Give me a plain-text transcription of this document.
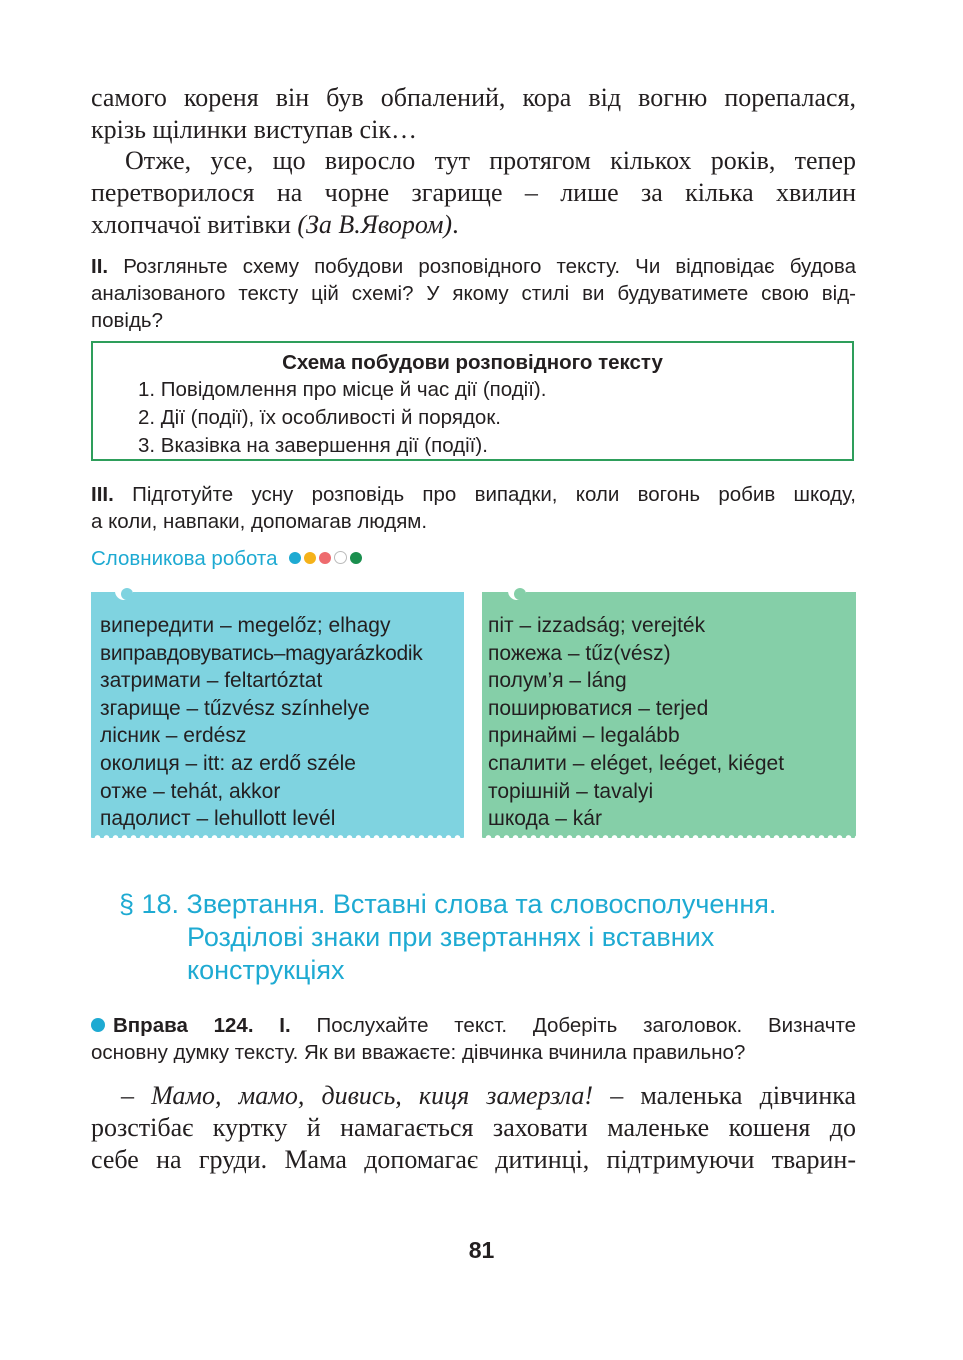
самого кореня він був обпалений, кора від вогню порепалася,
крізь щілинки виступав сік…
Отже, усе, що виросло тут протягом кількох років, тепер
перетворилося на чорне згарище – лише за кілька хвилин
хлопчачої витівки (За В.Явором).
II. Розгляньте схему побудови розповідного тексту. Чи відповідає будова
аналізованого тексту цій схемі? У якому стилі ви будуватимете свою від-
повідь?
Схема побудови розповідного тексту
1. Повідомлення про місце й час дії (події).
2. Дії (події), їх особливості й порядок.
3. Вказівка на завершення дії (події).
III. Підготуйте усну розповідь про випадки, коли вогонь робив шкоду,
а коли, навпаки, допомагав людям.
Словникова робота
випередити – megelőz; elhagy
виправдовуватись–magyarázkodik
затримати – feltartóztat
згарище – tűzvész színhelye
лісник – erdész
околиця – itt: az erdő széle
отже – tehát, akkor
падолист – lehullott levél
піт – izzadság; verejték
пожежа – tűz(vész)
полум’я – láng
поширюватися – terjed
принаймі – legalább
спалити – eléget, leéget, kiéget
торішній – tavalyi
шкода – kár
§ 18. Звертання. Вставні слова та словосполучення.
Розділові знаки при звертаннях і вставних
конструкціях
Вправа 124. І. Послухайте текст. Доберіть заголовок. Визначте
основну думку тексту. Як ви вважаєте: дівчинка вчинила правильно?
– Мамо, мамо, дивись, киця замерзла! – маленька дівчинка
розстібає куртку й намагається заховати маленьке кошеня до
себе на груди. Мама допомагає дитинці, підтримуючи тварин-
81
